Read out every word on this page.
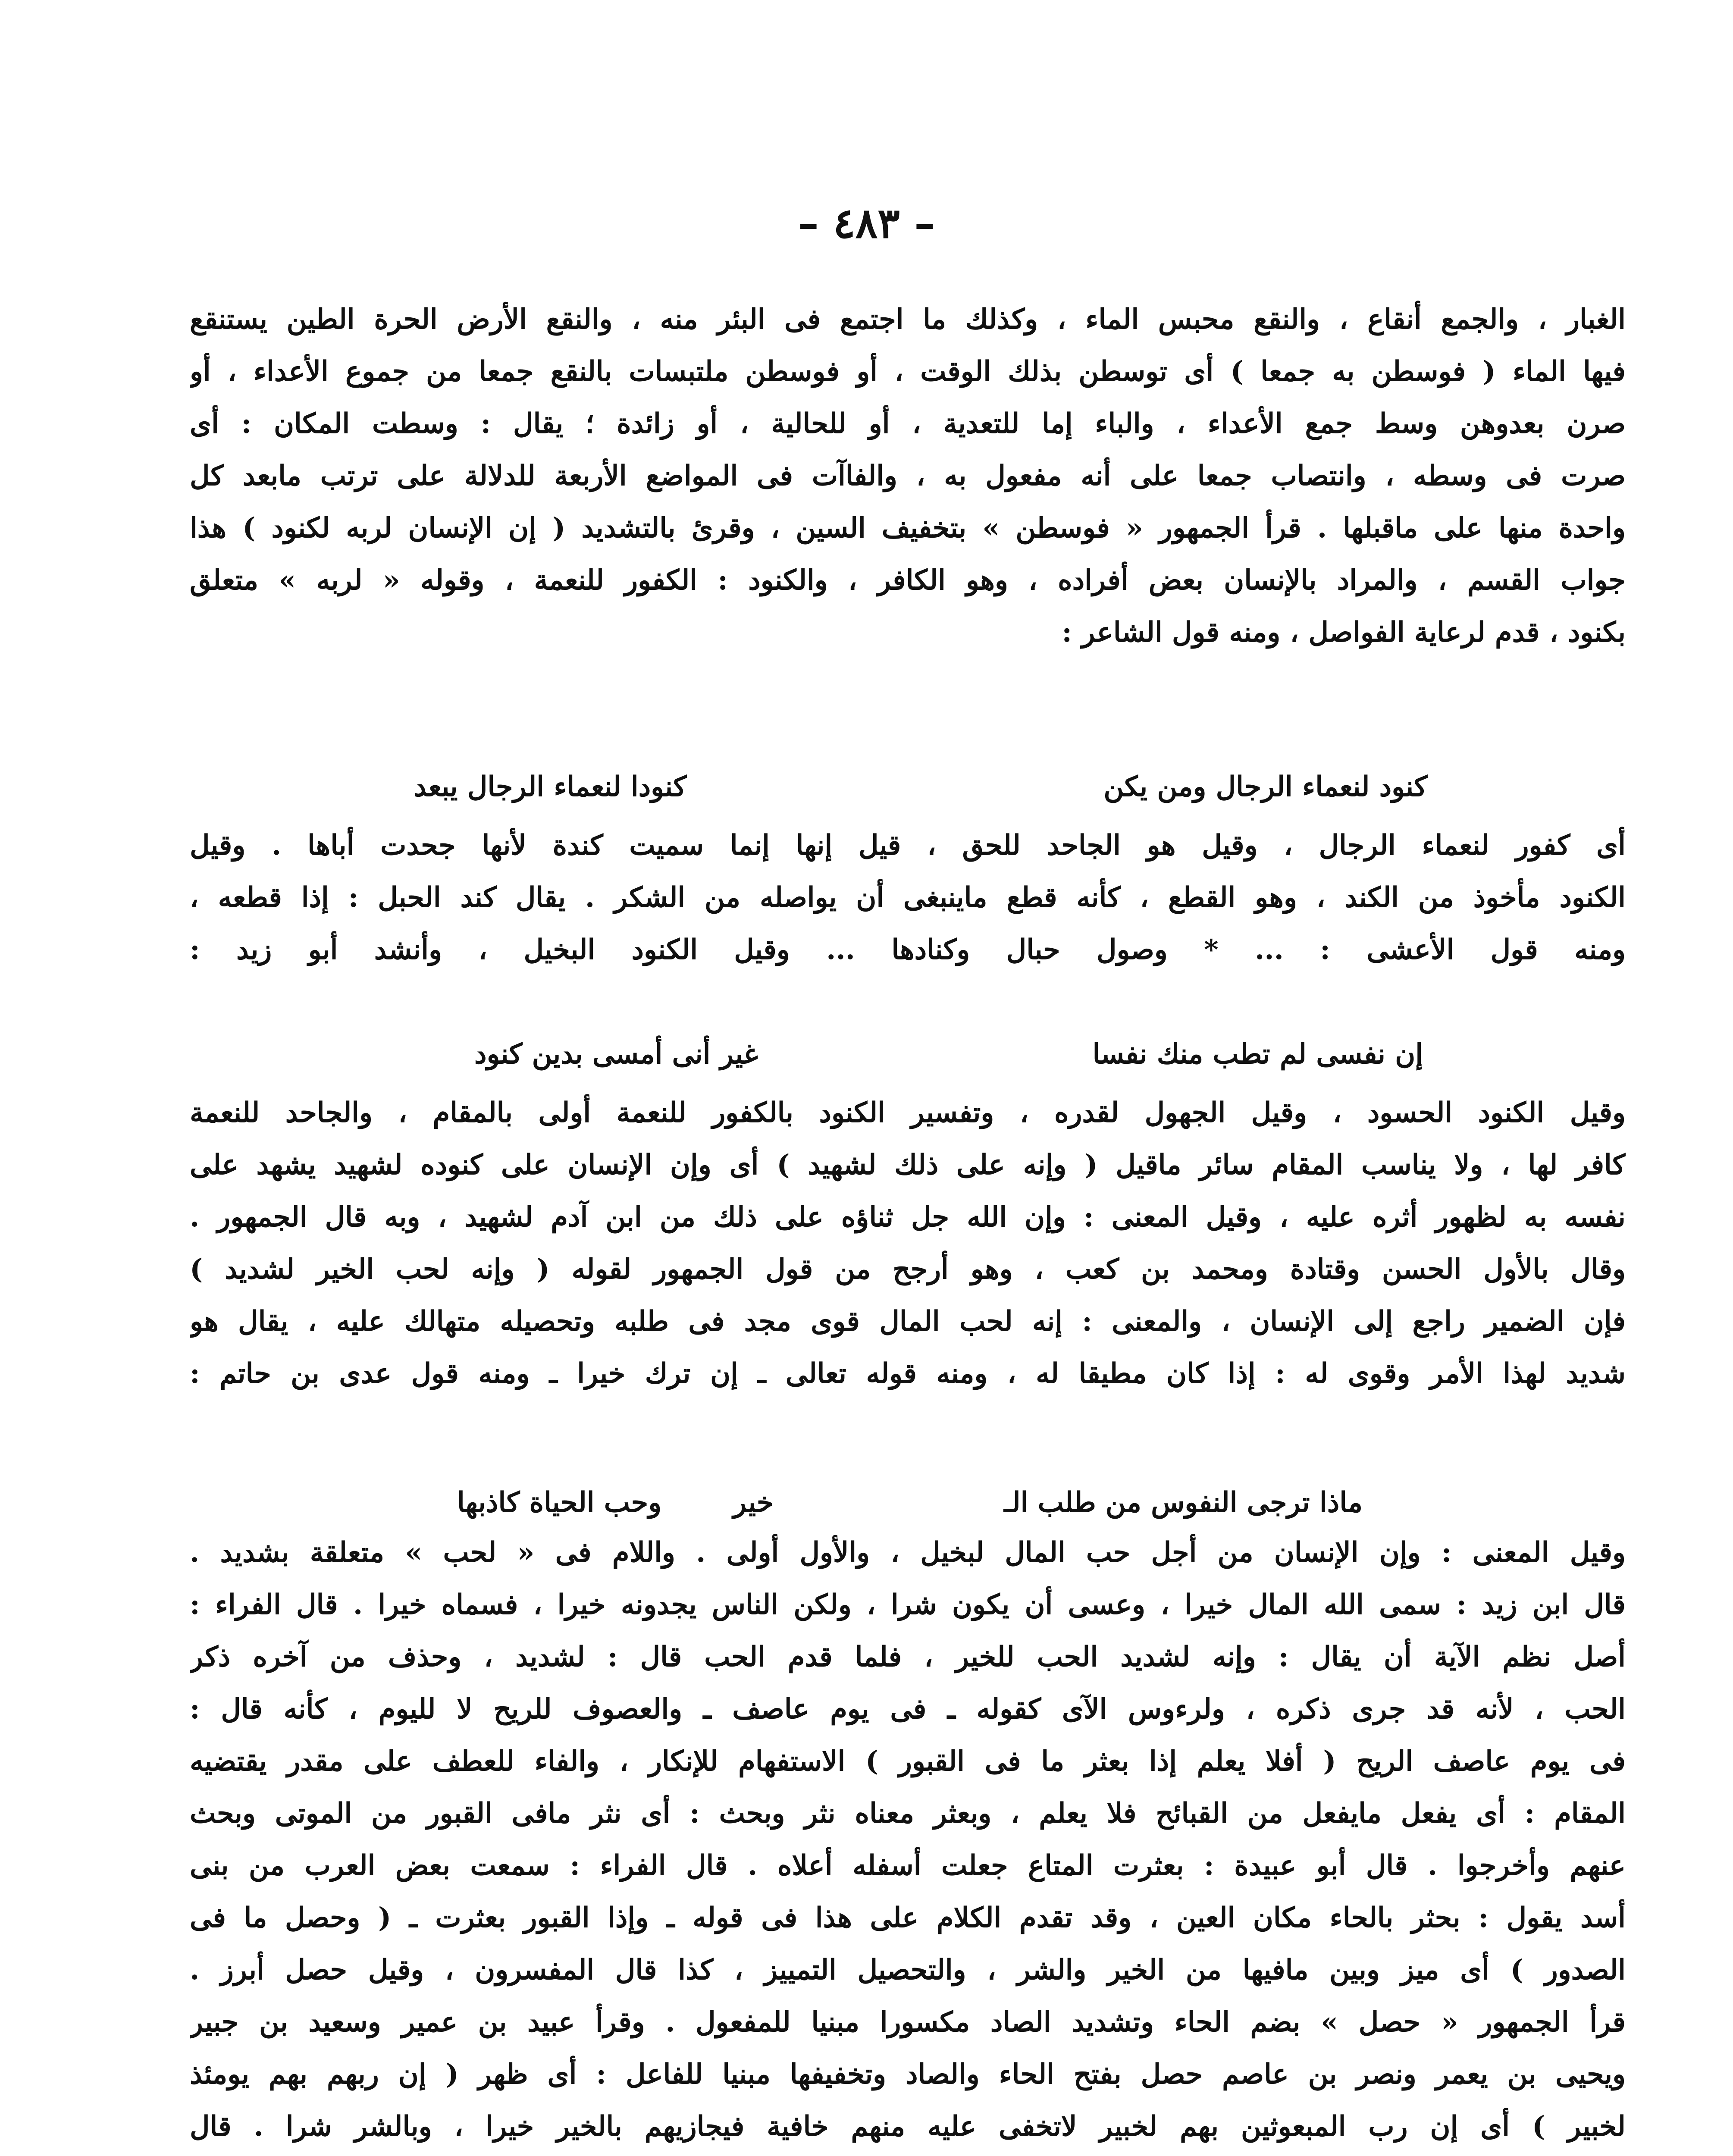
– ٤٨٣ –
الغبار ، والجمع أنقاع ، والنقع محبس الماء ، وكذلك ما اجتمع فى البئر منه ، والنقع الأرض الحرة الطين يستنقع
فيها الماء ( فوسطن به جمعا ) أى توسطن بذلك الوقت ، أو فوسطن ملتبسات بالنقع جمعا من جموع الأعداء ، أو
صرن بعدوهن وسط جمع الأعداء ، والباء إما للتعدية ، أو للحالية ، أو زائدة ؛ يقال : وسطت المكان : أى
صرت فى وسطه ، وانتصاب جمعا على أنه مفعول به ، والفاآت فى المواضع الأربعة للدلالة على ترتب مابعد كل
واحدة منها على ماقبلها . قرأ الجمهور « فوسطن » بتخفيف السين ، وقرئ بالتشديد ( إن الإنسان لربه لكنود ) هذا
جواب القسم ، والمراد بالإنسان بعض أفراده ، وهو الكافر ، والكنود : الكفور للنعمة ، وقوله « لربه » متعلق
بكنود ، قدم لرعاية الفواصل ، ومنه قول الشاعر :
كنود لنعماء الرجال ومن يكن
كنودا لنعماء الرجال يبعد
أى كفور لنعماء الرجال ، وقيل هو الجاحد للحق ، قيل إنها إنما سميت كندة لأنها جحدت أباها . وقيل
الكنود مأخوذ من الكند ، وهو القطع ، كأنه قطع ماينبغى أن يواصله من الشكر . يقال كند الحبل : إذا قطعه ،
ومنه قول الأعشى : ... * وصول حبال وكنادها ... وقيل الكنود البخيل ، وأنشد أبو زيد :
إن نفسى لم تطب منك نفسا
غير أنى أمسى بدين كنود
وقيل الكنود الحسود ، وقيل الجهول لقدره ، وتفسير الكنود بالكفور للنعمة أولى بالمقام ، والجاحد للنعمة
كافر لها ، ولا يناسب المقام سائر ماقيل ( وإنه على ذلك لشهيد ) أى وإن الإنسان على كنوده لشهيد يشهد على
نفسه به لظهور أثره عليه ، وقيل المعنى : وإن الله جل ثناؤه على ذلك من ابن آدم لشهيد ، وبه قال الجمهور .
وقال بالأول الحسن وقتادة ومحمد بن كعب ، وهو أرجح من قول الجمهور لقوله ( وإنه لحب الخير لشديد )
فإن الضمير راجع إلى الإنسان ، والمعنى : إنه لحب المال قوى مجد فى طلبه وتحصيله متهالك عليه ، يقال هو
شديد لهذا الأمر وقوى له : إذا كان مطيقا له ، ومنه قوله تعالى ـ إن ترك خيرا ـ ومنه قول عدى بن حاتم :
ماذا ترجى النفوس من طلب الـ
خير
وحب الحياة كاذبها
وقيل المعنى : وإن الإنسان من أجل حب المال لبخيل ، والأول أولى . واللام فى « لحب » متعلقة بشديد .
قال ابن زيد : سمى الله المال خيرا ، وعسى أن يكون شرا ، ولكن الناس يجدونه خيرا ، فسماه خيرا . قال الفراء :
أصل نظم الآية أن يقال : وإنه لشديد الحب للخير ، فلما قدم الحب قال : لشديد ، وحذف من آخره ذكر
الحب ، لأنه قد جرى ذكره ، ولرءوس الآى كقوله ـ فى يوم عاصف ـ والعصوف للريح لا لليوم ، كأنه قال :
فى يوم عاصف الريح ( أفلا يعلم إذا بعثر ما فى القبور ) الاستفهام للإنكار ، والفاء للعطف على مقدر يقتضيه
المقام : أى يفعل مايفعل من القبائح فلا يعلم ، وبعثر معناه نثر وبحث : أى نثر مافى القبور من الموتى وبحث
عنهم وأخرجوا . قال أبو عبيدة : بعثرت المتاع جعلت أسفله أعلاه . قال الفراء : سمعت بعض العرب من بنى
أسد يقول : بحثر بالحاء مكان العين ، وقد تقدم الكلام على هذا فى قوله ـ وإذا القبور بعثرت ـ ( وحصل ما فى
الصدور ) أى ميز وبين مافيها من الخير والشر ، والتحصيل التمييز ، كذا قال المفسرون ، وقيل حصل أبرز .
قرأ الجمهور « حصل » بضم الحاء وتشديد الصاد مكسورا مبنيا للمفعول . وقرأ عبيد بن عمير وسعيد بن جبير
ويحيى بن يعمر ونصر بن عاصم حصل بفتح الحاء والصاد وتخفيفها مبنيا للفاعل : أى ظهر ( إن ربهم بهم يومئذ
لخبير ) أى إن رب المبعوثين بهم لخبير لاتخفى عليه منهم خافية فيجازيهم بالخير خيرا ، وبالشر شرا . قال
